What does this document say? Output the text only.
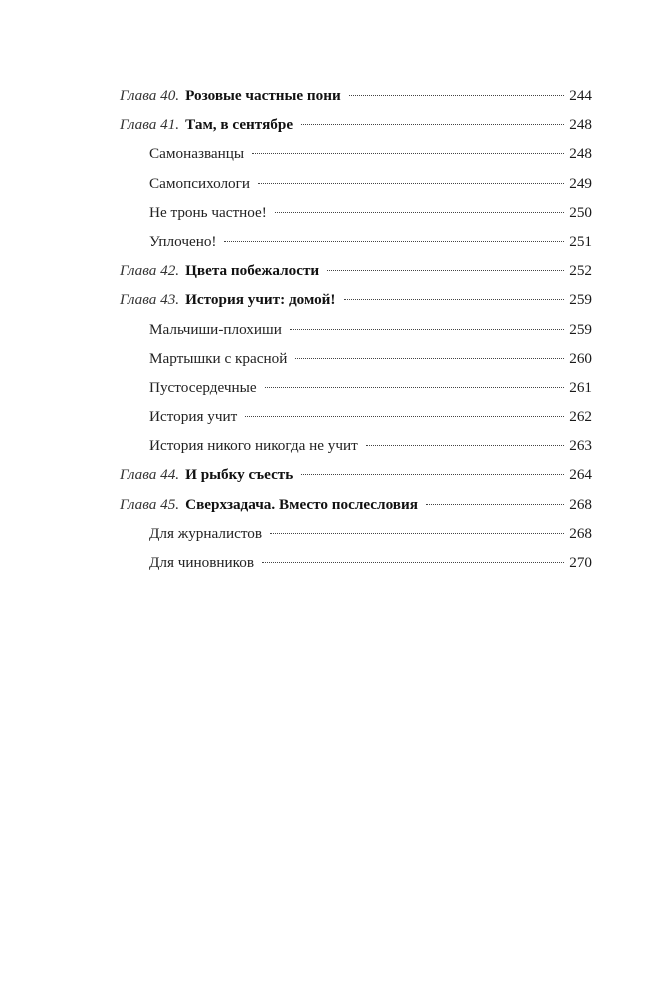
Глава 40. Розовые частные пони	244
Глава 41. Там, в сентябре	248
Самоназванцы	248
Самопсихологи	249
Не тронь частное!	250
Уплочено!	251
Глава 42. Цвета побежалости	252
Глава 43. История учит: домой!	259
Мальчиши-плохиши	259
Мартышки с красной	260
Пустосердечные	261
История учит	262
История никого никогда не учит	263
Глава 44. И рыбку съесть	264
Глава 45. Сверхзадача. Вместо послесловия	268
Для журналистов	268
Для чиновников	270
